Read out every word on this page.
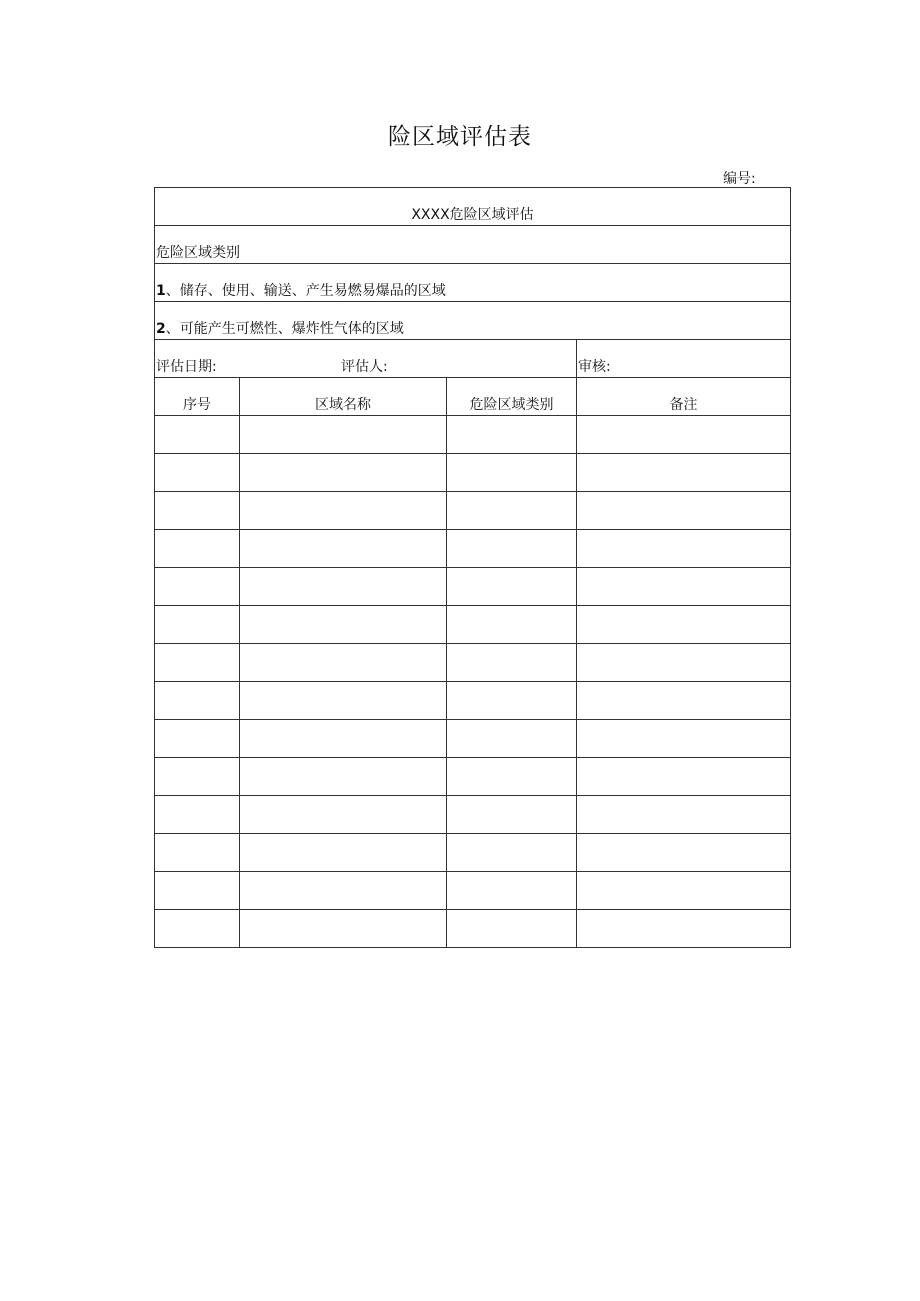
险区域评估表
编号:
XXXX危险区域评估			
危险区域类别			
1、储存、使用、输送、产生易燃易爆品的区域			
2、可能产生可燃性、爆炸性气体的区域			

评估日期: 评估人:			审核:
序号	区域名称	危险区域类别	备注
